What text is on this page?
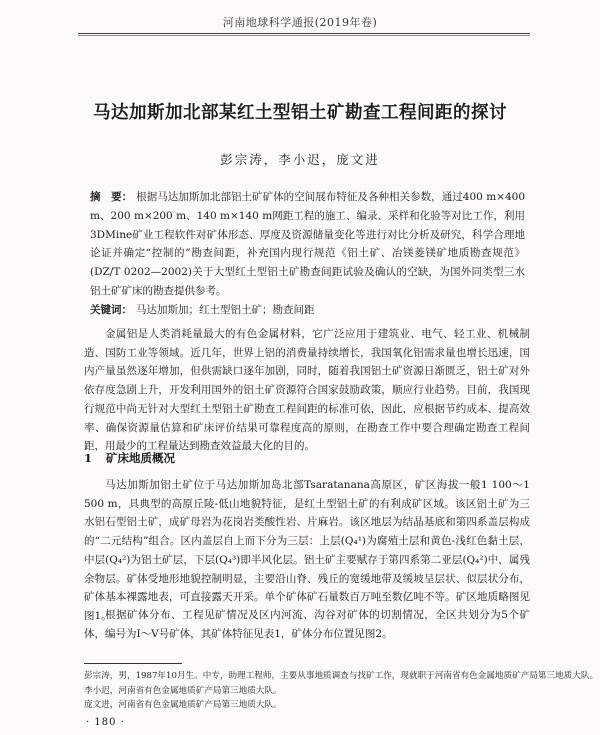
河南地球科学通报(2019年卷)
马达加斯加北部某红土型铝土矿勘查工程间距的探讨
彭宗涛，李小迟，庞文进
摘　要： 根据马达加斯加北部铝土矿矿体的空间展布特征及各种相关参数，通过400 m×400 m、200 m×200 m、140 m×140 m网距工程的施工、编录、采样和化验等对比工作，利用3DMine矿业工程软件对矿体形态、厚度及资源储量变化等进行对比分析及研究，科学合理地论证并确定“控制的”勘查间距，补充国内现行规范《铝土矿、冶镁菱镁矿地质勘查规范》(DZ/T 0202—2002)关于大型红土型铝土矿勘查间距试验及确认的空缺，为国外同类型三水铝土矿矿床的勘查提供参考。
关键词： 马达加斯加；红土型铝土矿；勘查间距
金属铝是人类消耗量最大的有色金属材料，它广泛应用于建筑业、电气、轻工业、机械制造、国防工业等领域。近几年，世界上铝的消费量持续增长，我国氧化铝需求量也增长迅速，国内产量虽然逐年增加，但供需缺口逐年加剧，同时，随着我国铝土矿资源日渐匮乏，铝土矿对外依存度急剧上升，开发利用国外的铝土矿资源符合国家鼓励政策，顺应行业趋势。目前，我国现行规范中尚无针对大型红土型铝土矿勘查工程间距的标准可依，因此，应根据节约成本、提高效率、确保资源量估算和矿床评价结果可靠程度高的原则，在勘查工作中要合理确定勘查工程间距，用最少的工程量达到勘查效益最大化的目的。
1 矿床地质概况
马达加斯加铝土矿位于马达加斯加岛北部Tsaratanana高原区，矿区海拔一般1 100～1 500 m，具典型的高原丘陵-低山地貌特征，是红土型铝土矿的有利成矿区域。该区铝土矿为三水铝石型铝土矿，成矿母岩为花岗岩类酸性岩、片麻岩。该区地层为结晶基底和第四系盖层构成的“二元结构”组合。区内盖层自上而下分为三层：上层(Q₄¹)为腐殖土层和黄色-浅红色黏土层，中层(Q₄²)为铝土矿层，下层(Q₄³)即半风化层。铝土矿主要赋存于第四系第二亚层(Q₄²)中，属残余物层。矿体受地形地貌控制明显，主要沿山脊、残丘的宽缓地带及缓坡呈层状、似层状分布，矿体基本裸露地表，可直接露天开采。单个矿体矿石量数百万吨至数亿吨不等。矿区地质略图见图1。
根据矿体分布、工程见矿情况及区内河流、沟谷对矿体的切割情况，全区共划分为5个矿体，编号为Ⅰ～Ⅴ号矿体，其矿体特征见表1，矿体分布位置见图2。
彭宗涛，男，1987年10月生。中专，助理工程师，主要从事地质调查与找矿工作，现就职于河南省有色金属地质矿产局第三地质大队。
李小迟，河南省有色金属地质矿产局第三地质大队。
庞文进，河南省有色金属地质矿产局第三地质大队。
· 180 ·
